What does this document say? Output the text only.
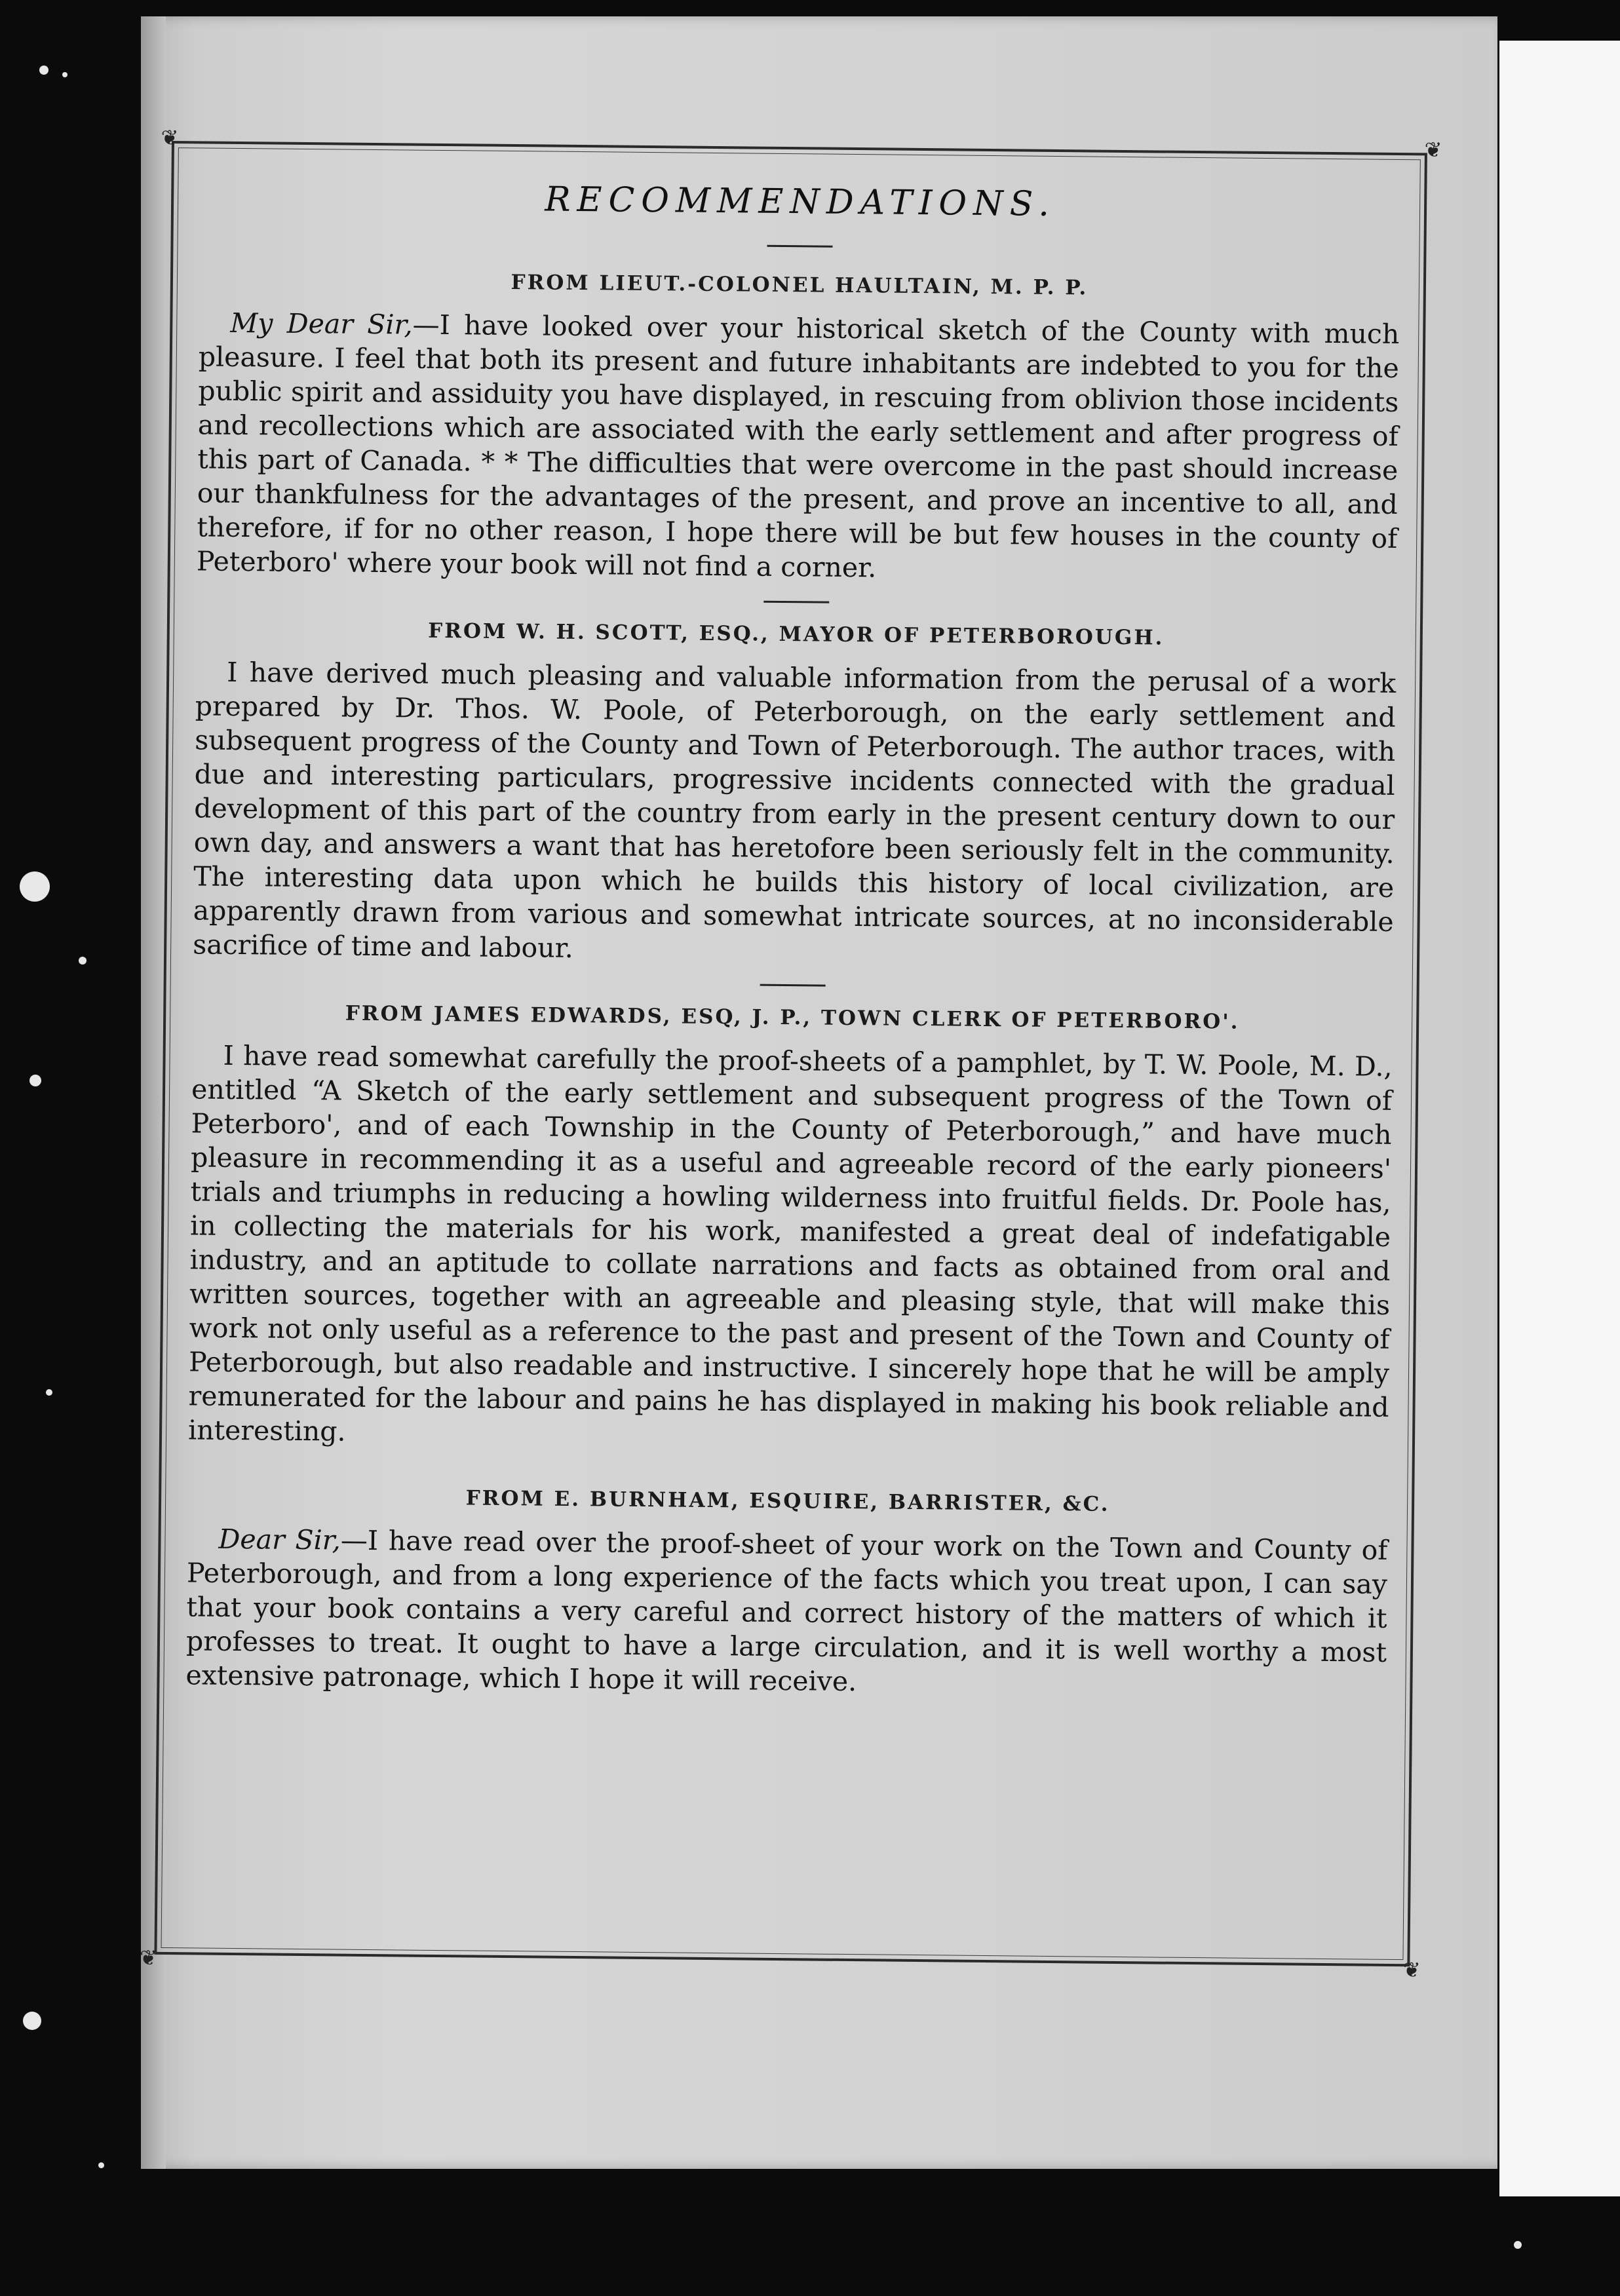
❦	❦
❦	❦
RECOMMENDATIONS.
FROM LIEUT.-COLONEL HAULTAIN, M. P. P.

My Dear Sir,—I have looked over your historical sketch of the County with much pleasure. I feel that both its present and future inhabitants are indebted to you for the public spirit and assiduity you have displayed, in rescuing from oblivion those incidents and recollections which are associated with the early settlement and after progress of this part of Canada. * * The difficulties that were overcome in the past should increase our thankfulness for the advantages of the present, and prove an incentive to all, and therefore, if for no other reason, I hope there will be but few houses in the county of Peterboro' where your book will not find a corner.

FROM W. H. SCOTT, ESQ., MAYOR OF PETERBOROUGH.

I have derived much pleasing and valuable information from the perusal of a work prepared by Dr. Thos. W. Poole, of Peterborough, on the early settlement and subsequent progress of the County and Town of Peterborough. The author traces, with due and interesting particulars, progressive incidents connected with the gradual development of this part of the country from early in the present century down to our own day, and answers a want that has heretofore been seriously felt in the community. The interesting data upon which he builds this history of local civilization, are apparently drawn from various and somewhat intricate sources, at no inconsiderable sacrifice of time and labour.

FROM JAMES EDWARDS, ESQ, J. P., TOWN CLERK OF PETERBORO'.

I have read somewhat carefully the proof-sheets of a pamphlet, by T. W. Poole, M. D., entitled “A Sketch of the early settlement and subsequent progress of the Town of Peterboro', and of each Township in the County of Peterborough,” and have much pleasure in recommending it as a useful and agreeable record of the early pioneers' trials and triumphs in reducing a howling wilderness into fruitful fields. Dr. Poole has, in collecting the materials for his work, manifested a great deal of indefatigable industry, and an aptitude to collate narrations and facts as obtained from oral and written sources, together with an agreeable and pleasing style, that will make this work not only useful as a reference to the past and present of the Town and County of Peterborough, but also readable and instructive. I sincerely hope that he will be amply remunerated for the labour and pains he has displayed in making his book reliable and interesting.

FROM E. BURNHAM, ESQUIRE, BARRISTER, &C.

Dear Sir,—I have read over the proof-sheet of your work on the Town and County of Peterborough, and from a long experience of the facts which you treat upon, I can say that your book contains a very careful and correct history of the matters of which it professes to treat. It ought to have a large circulation, and it is well worthy a most extensive patronage, which I hope it will receive.
